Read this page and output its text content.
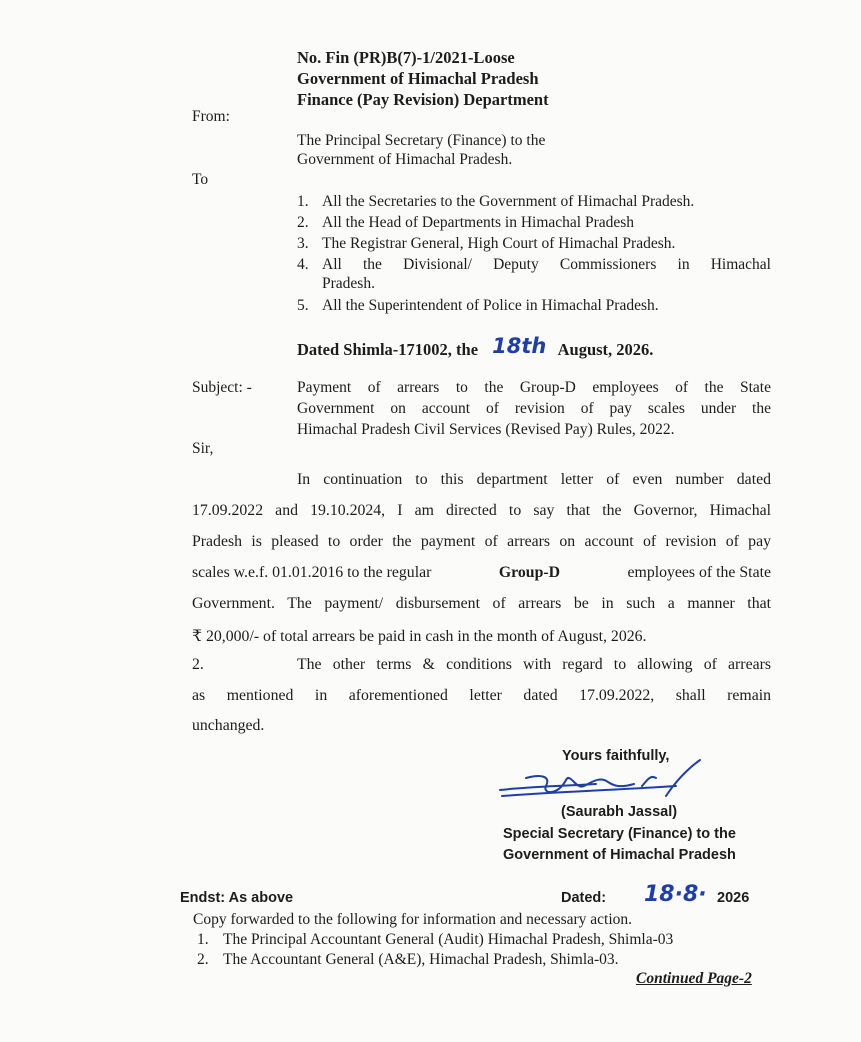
No. Fin (PR)B(7)-1/2021-Loose
Government of Himachal Pradesh
Finance (Pay Revision) Department
From:
The Principal Secretary (Finance) to the
Government of Himachal Pradesh.
To
1. All the Secretaries to the Government of Himachal Pradesh.
2. All the Head of Departments in Himachal Pradesh
3. The Registrar General, High Court of Himachal Pradesh.
4. All the Divisional/ Deputy Commissioners in Himachal
Pradesh.
5. All the Superintendent of Police in Himachal Pradesh.
Dated Shimla-171002, the 18th August, 2026.
Subject: -	Payment of arrears to the Group-D employees of the State
Government on account of revision of pay scales under the
Himachal Pradesh Civil Services (Revised Pay) Rules, 2022.
Sir,
In continuation to this department letter of even number dated
17.09.2022 and 19.10.2024, I am directed to say that the Governor, Himachal
Pradesh is pleased to order the payment of arrears on account of revision of pay
scales w.e.f. 01.01.2016 to the regular	Group-D	employees of the State
Government. The payment/ disbursement of arrears be in such a manner that
₹ 20,000/- of total arrears be paid in cash in the month of August, 2026.
2.	The other terms & conditions with regard to allowing of arrears
as mentioned in aforementioned letter dated 17.09.2022, shall remain
unchanged.
Yours faithfully,
(Saurabh Jassal)
Special Secretary (Finance) to the
Government of Himachal Pradesh
Endst: As above	Dated: 18·8· 2026
Copy forwarded to the following for information and necessary action.
1. The Principal Accountant General (Audit) Himachal Pradesh, Shimla-03
2. The Accountant General (A&E), Himachal Pradesh, Shimla-03.
Continued Page-2
